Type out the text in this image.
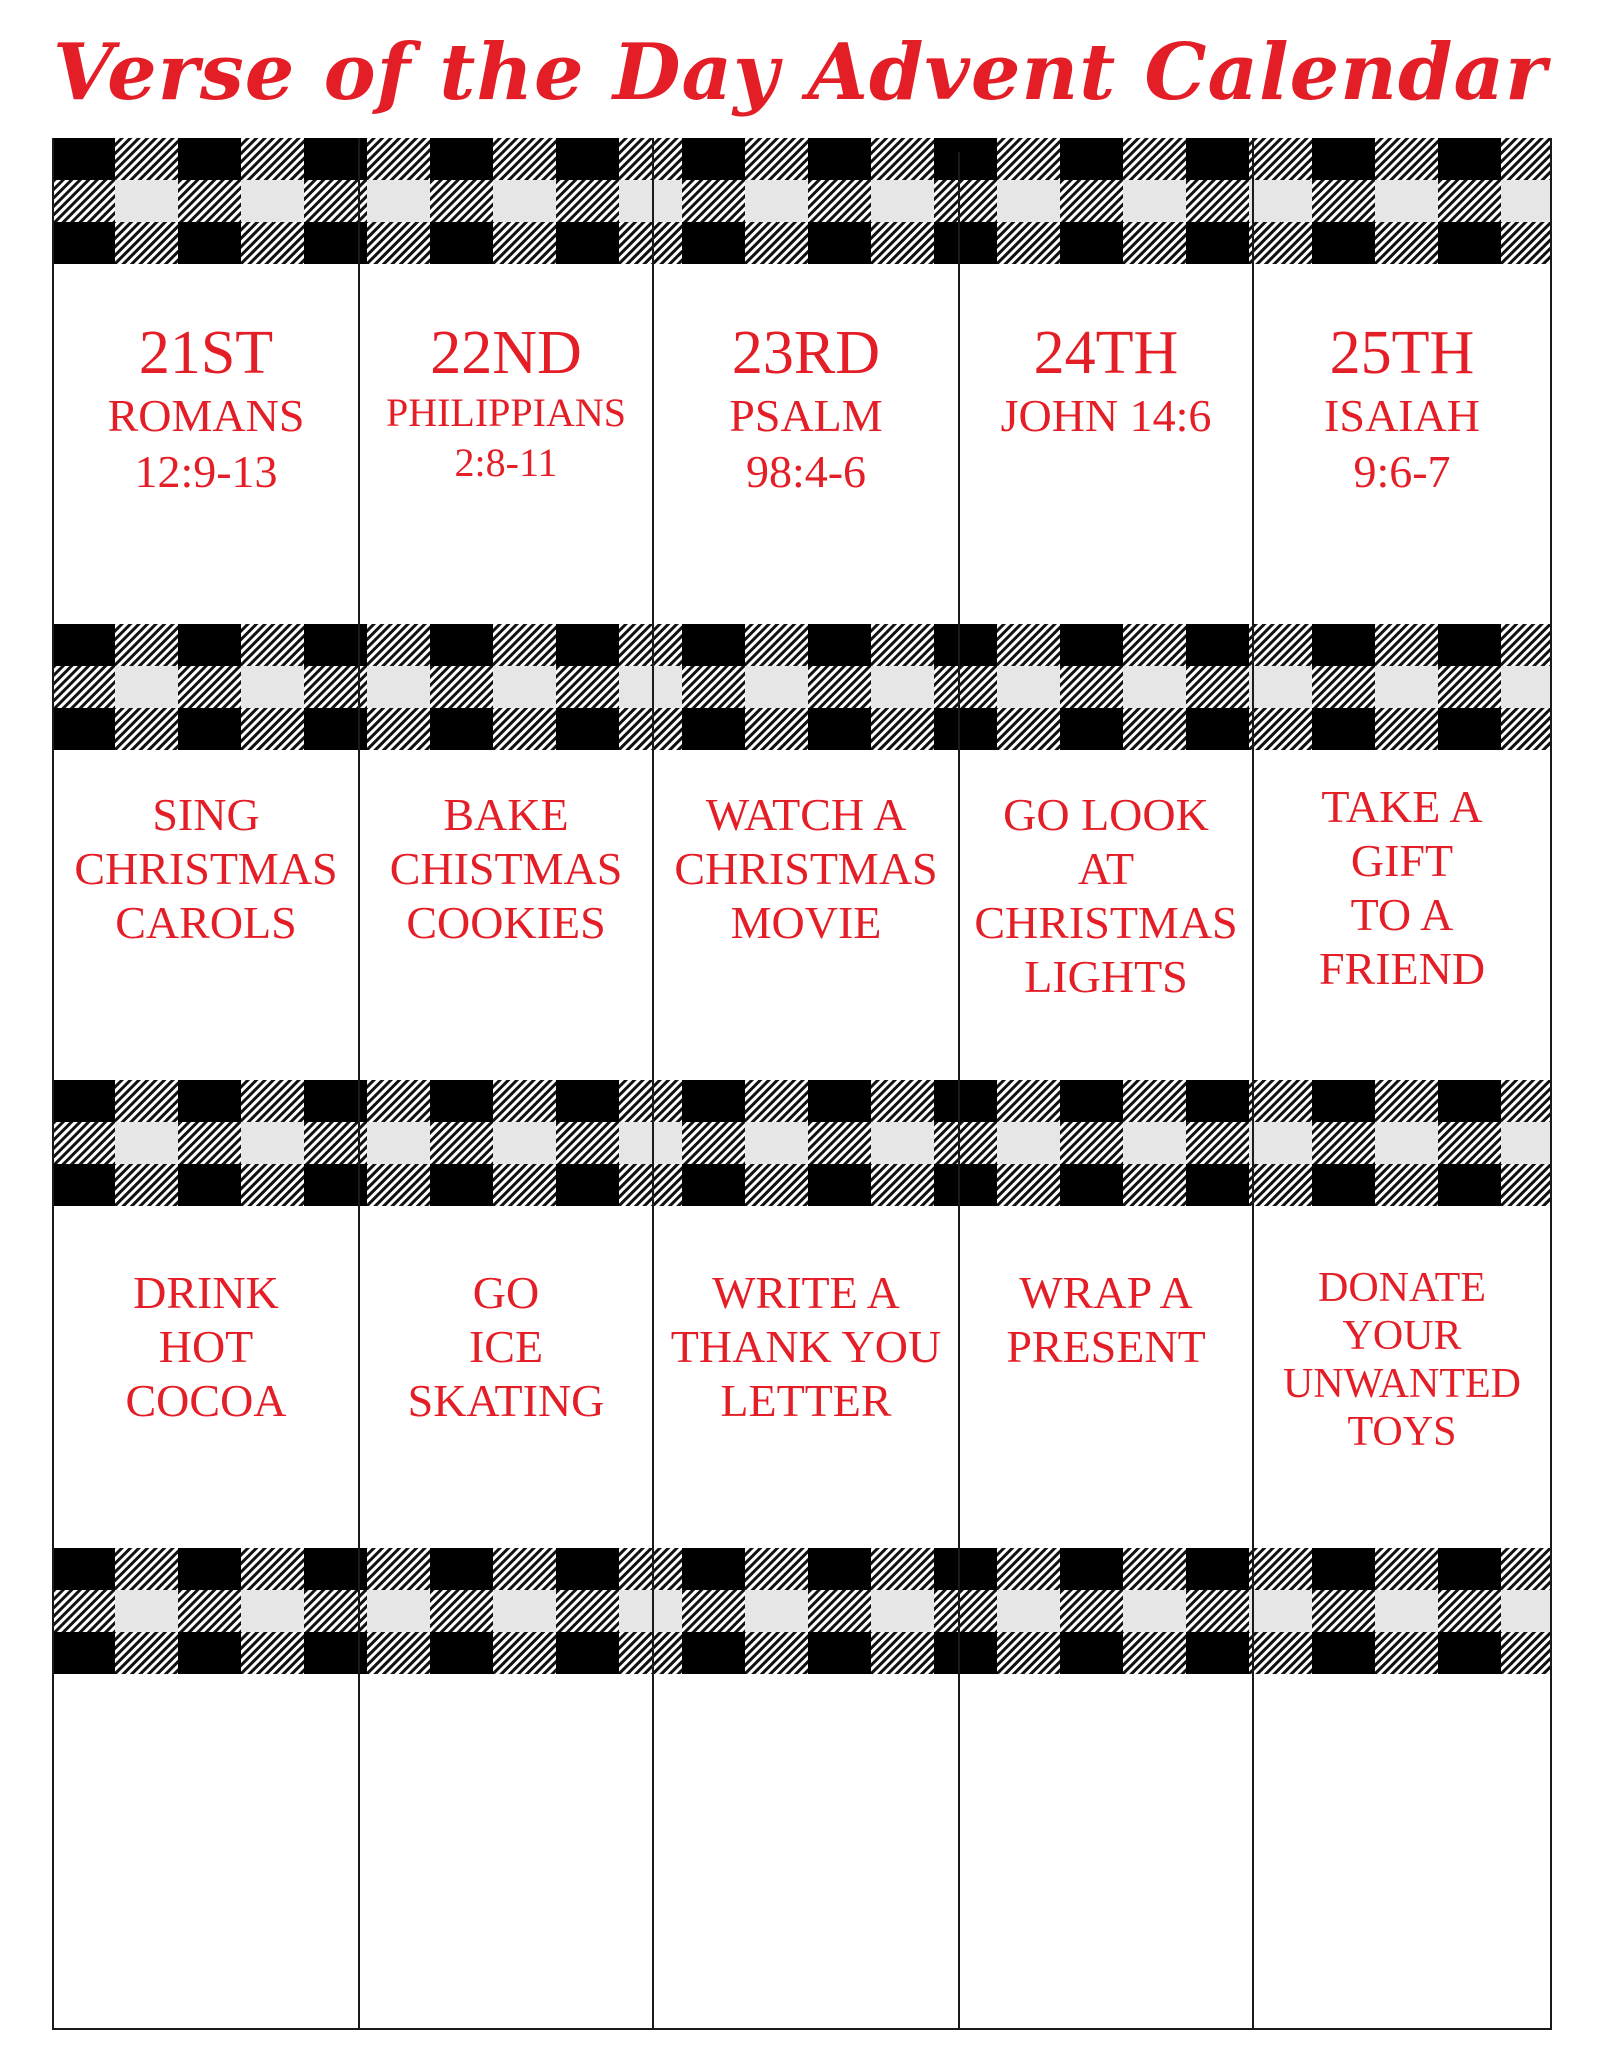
Verse of the Day Advent Calendar
21ST
ROMANS
12:9-13
22ND
PHILIPPIANS
2:8-11
23RD
PSALM
98:4-6
24TH
JOHN 14:6
25TH
ISAIAH
9:6-7
SING
CHRISTMAS
CAROLS
BAKE
CHISTMAS
COOKIES
WATCH A
CHRISTMAS
MOVIE
GO LOOK
AT
CHRISTMAS
LIGHTS
TAKE A
GIFT
TO A
FRIEND
DRINK
HOT
COCOA
GO
ICE
SKATING
WRITE A
THANK YOU
LETTER
WRAP A
PRESENT
DONATE
YOUR
UNWANTED
TOYS
